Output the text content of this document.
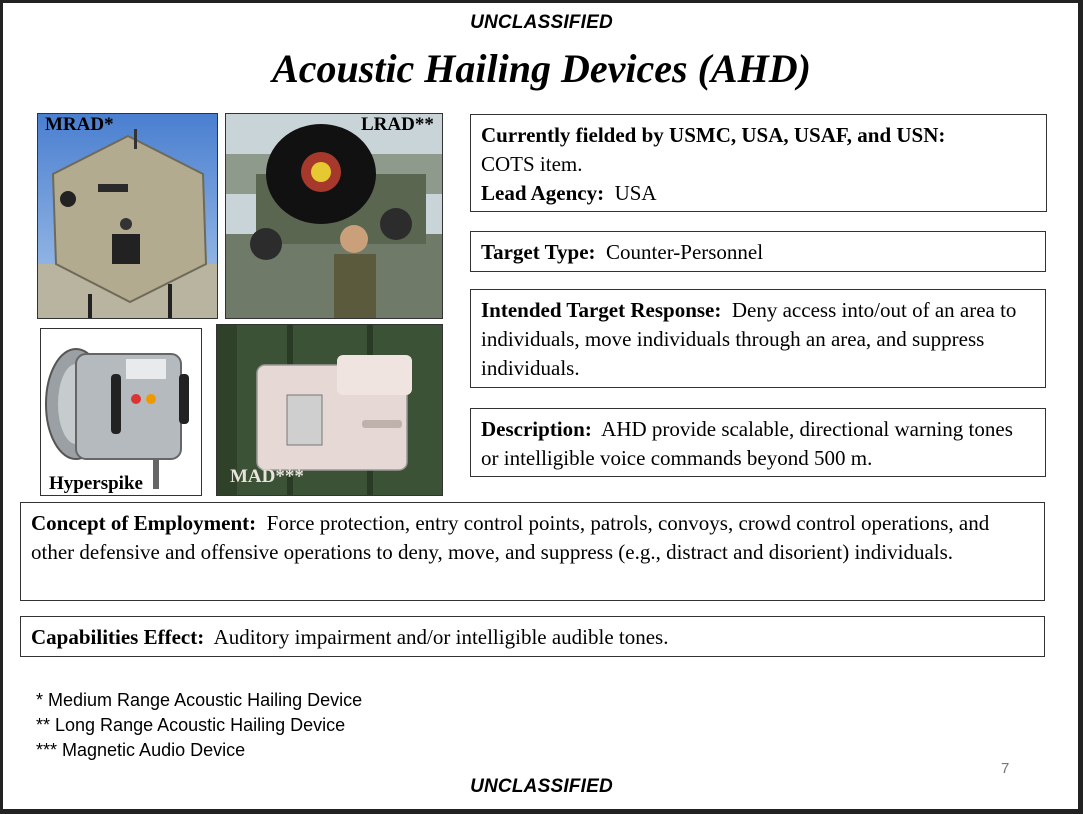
UNCLASSIFIED
Acoustic Hailing Devices (AHD)
MRAD*	LRAD**
Hyperspike	MAD***
Currently fielded by USMC, USA, USAF, and USN:
COTS item.
Lead Agency: USA
Target Type: Counter-Personnel
Intended Target Response: Deny access into/out of an area to individuals, move individuals through an area, and suppress individuals.
Description: AHD provide scalable, directional warning tones or intelligible voice commands beyond 500 m.
Concept of Employment: Force protection, entry control points, patrols, convoys, crowd control operations, and other defensive and offensive operations to deny, move, and suppress (e.g., distract and disorient) individuals.
Capabilities Effect: Auditory impairment and/or intelligible audible tones.
* Medium Range Acoustic Hailing Device
** Long Range Acoustic Hailing Device
*** Magnetic Audio Device
7
UNCLASSIFIED
